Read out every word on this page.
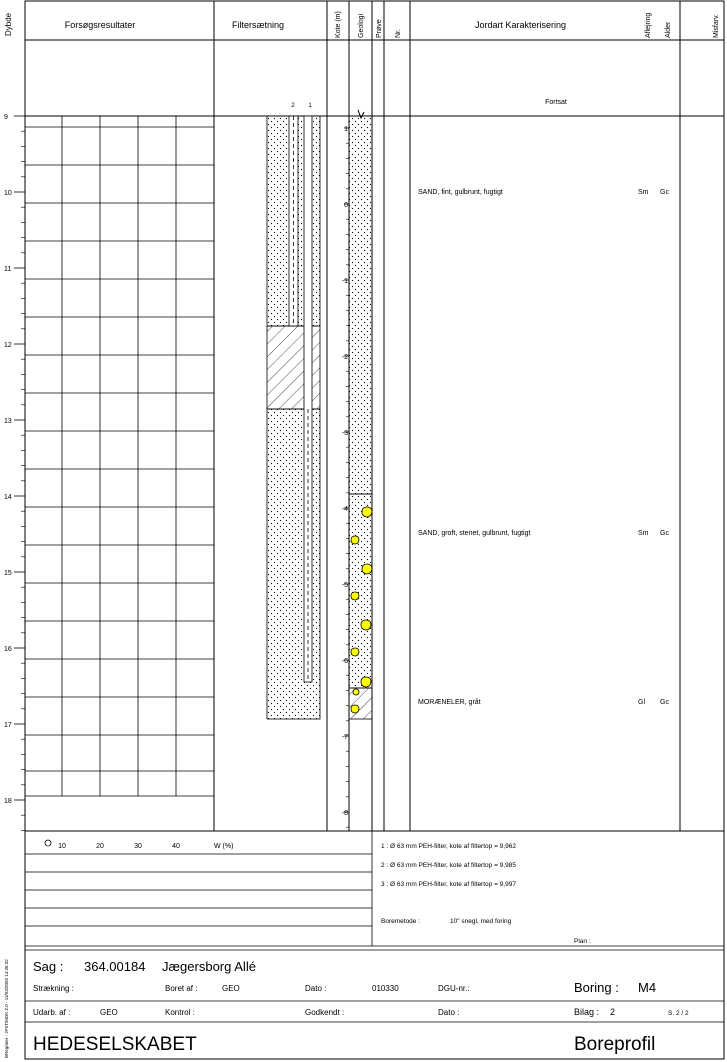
Forsøgsresultater	Filtersætning	Jordart Karakterisering
Dybde	Kote (m) Geologi Prøve Nr.	Aflejring Alder	Misfarv.
Fortsat
2 1
9
10
11
12
13
14
15
16
17
18
1
0
-1
-2
-3
-4
-5
-6
-7
-8
SAND, fint, gulbrunt, fugtigt	Sm Gc
SAND, groft, stenet, gulbrunt, fugtigt	Sm Gc
MORÆNELER, gråt	Gl Gc
10	20	30	40	W (%)	1 : Ø 63 mm PEH-filter, kote af filtertop = 9,962
2 : Ø 63 mm PEH-filter, kote af filtertop = 9,985
3 : Ø 63 mm PEH-filter, kote af filtertop = 9,997
Boremetode :	10" snegl, med foring
Plan :
BReg/ater - JFST/MDK 2.0 - 11/03/2003 14:36:32 Sag : 364.00184 Jægersborg Allé
Strækning :	Boret af :	GEO	Dato :	010330	DGU-nr.:	Boring : M4
Udarb. af :	GEO	Kontrol :	Godkendt :	Dato :	Bilag : 2	S. 2 / 2
HEDESELSKABET	Boreprofil
